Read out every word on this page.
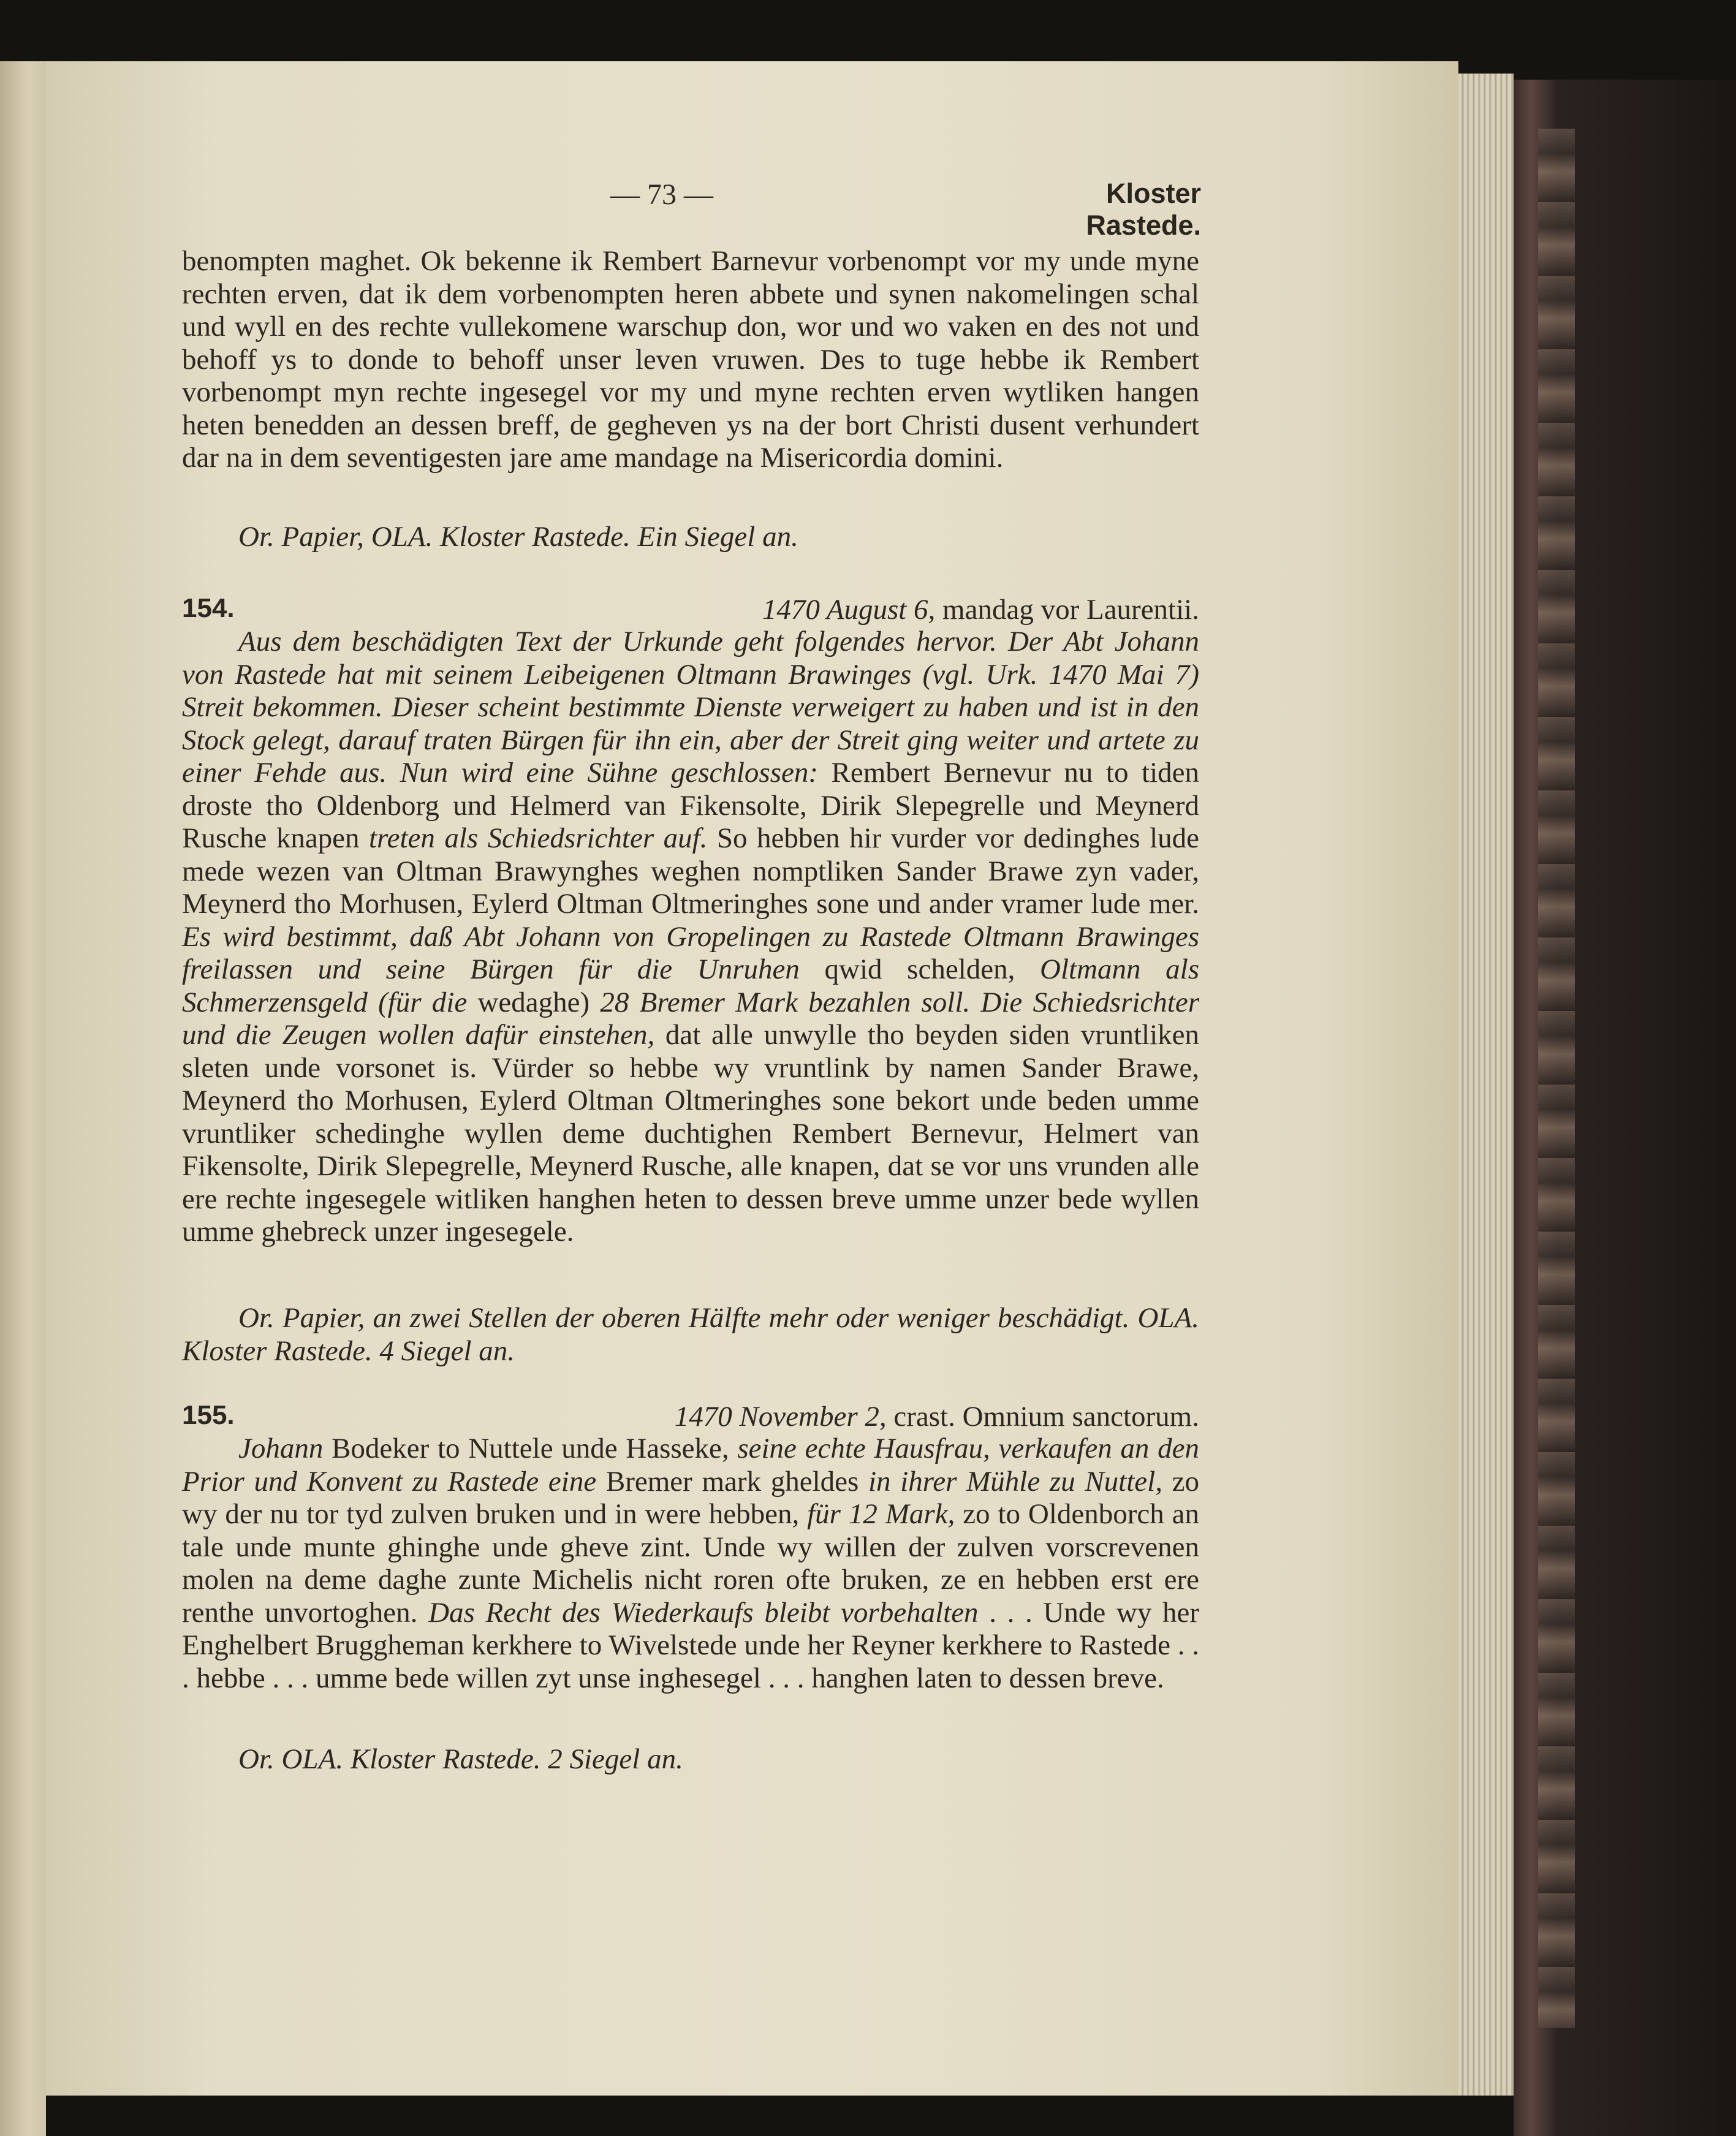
— 73 —	Kloster Rastede.
benompten maghet. Ok bekenne ik Rembert Barnevur vorbenompt vor my unde myne rechten erven, dat ik dem vorbenompten heren abbete und synen nakomelingen schal und wyll en des rechte vullekomene warschup don, wor und wo vaken en des not und behoff ys to donde to behoff unser leven vruwen. Des to tuge hebbe ik Rembert vorbenompt myn rechte ingesegel vor my und myne rechten erven wytliken hangen heten benedden an dessen breff, de gegheven ys na der bort Christi dusent verhundert dar na in dem seventigesten jare ame mandage na Misericordia domini.
Or. Papier, OLA. Kloster Rastede. Ein Siegel an.
154.	1470 August 6, mandag vor Laurentii.
Aus dem beschädigten Text der Urkunde geht folgendes hervor. Der Abt Johann von Rastede hat mit seinem Leibeigenen Oltmann Brawinges (vgl. Urk. 1470 Mai 7) Streit bekommen. Dieser scheint bestimmte Dienste verweigert zu haben und ist in den Stock gelegt, darauf traten Bürgen für ihn ein, aber der Streit ging weiter und artete zu einer Fehde aus. Nun wird eine Sühne geschlossen: Rembert Bernevur nu to tiden droste tho Oldenborg und Helmerd van Fikensolte, Dirik Slepegrelle und Meynerd Rusche knapen treten als Schiedsrichter auf. So hebben hir vurder vor dedinghes lude mede wezen van Oltman Brawynghes weghen nomptliken Sander Brawe zyn vader, Meynerd tho Morhusen, Eylerd Oltman Oltmeringhes sone und ander vramer lude mer. Es wird bestimmt, daß Abt Johann von Gropelingen zu Rastede Oltmann Brawinges freilassen und seine Bürgen für die Unruhen qwid schelden, Oltmann als Schmerzensgeld (für die wedaghe) 28 Bremer Mark bezahlen soll. Die Schiedsrichter und die Zeugen wollen dafür einstehen, dat alle unwylle tho beyden siden vruntliken sleten unde vorsonet is. Vürder so hebbe wy vruntlink by namen Sander Brawe, Meynerd tho Morhusen, Eylerd Oltman Oltmeringhes sone bekort unde beden umme vruntliker schedinghe wyllen deme duchtighen Rembert Bernevur, Helmert van Fikensolte, Dirik Slepegrelle, Meynerd Rusche, alle knapen, dat se vor uns vrunden alle ere rechte ingesegele witliken hanghen heten to dessen breve umme unzer bede wyllen umme ghebreck unzer ingesegele.
Or. Papier, an zwei Stellen der oberen Hälfte mehr oder weniger beschädigt. OLA. Kloster Rastede. 4 Siegel an.
155.	1470 November 2, crast. Omnium sanctorum.
Johann Bodeker to Nuttele unde Hasseke, seine echte Hausfrau, verkaufen an den Prior und Konvent zu Rastede eine Bremer mark gheldes in ihrer Mühle zu Nuttel, zo wy der nu tor tyd zulven bruken und in were hebben, für 12 Mark, zo to Oldenborch an tale unde munte ghinghe unde gheve zint. Unde wy willen der zulven vorscrevenen molen na deme daghe zunte Michelis nicht roren ofte bruken, ze en hebben erst ere renthe unvortoghen. Das Recht des Wiederkaufs bleibt vorbehalten . . . Unde wy her Enghelbert Bruggheman kerkhere to Wivelstede unde her Reyner kerkhere to Rastede . . . hebbe . . . umme bede willen zyt unse inghesegel . . . hanghen laten to dessen breve.
Or. OLA. Kloster Rastede. 2 Siegel an.
